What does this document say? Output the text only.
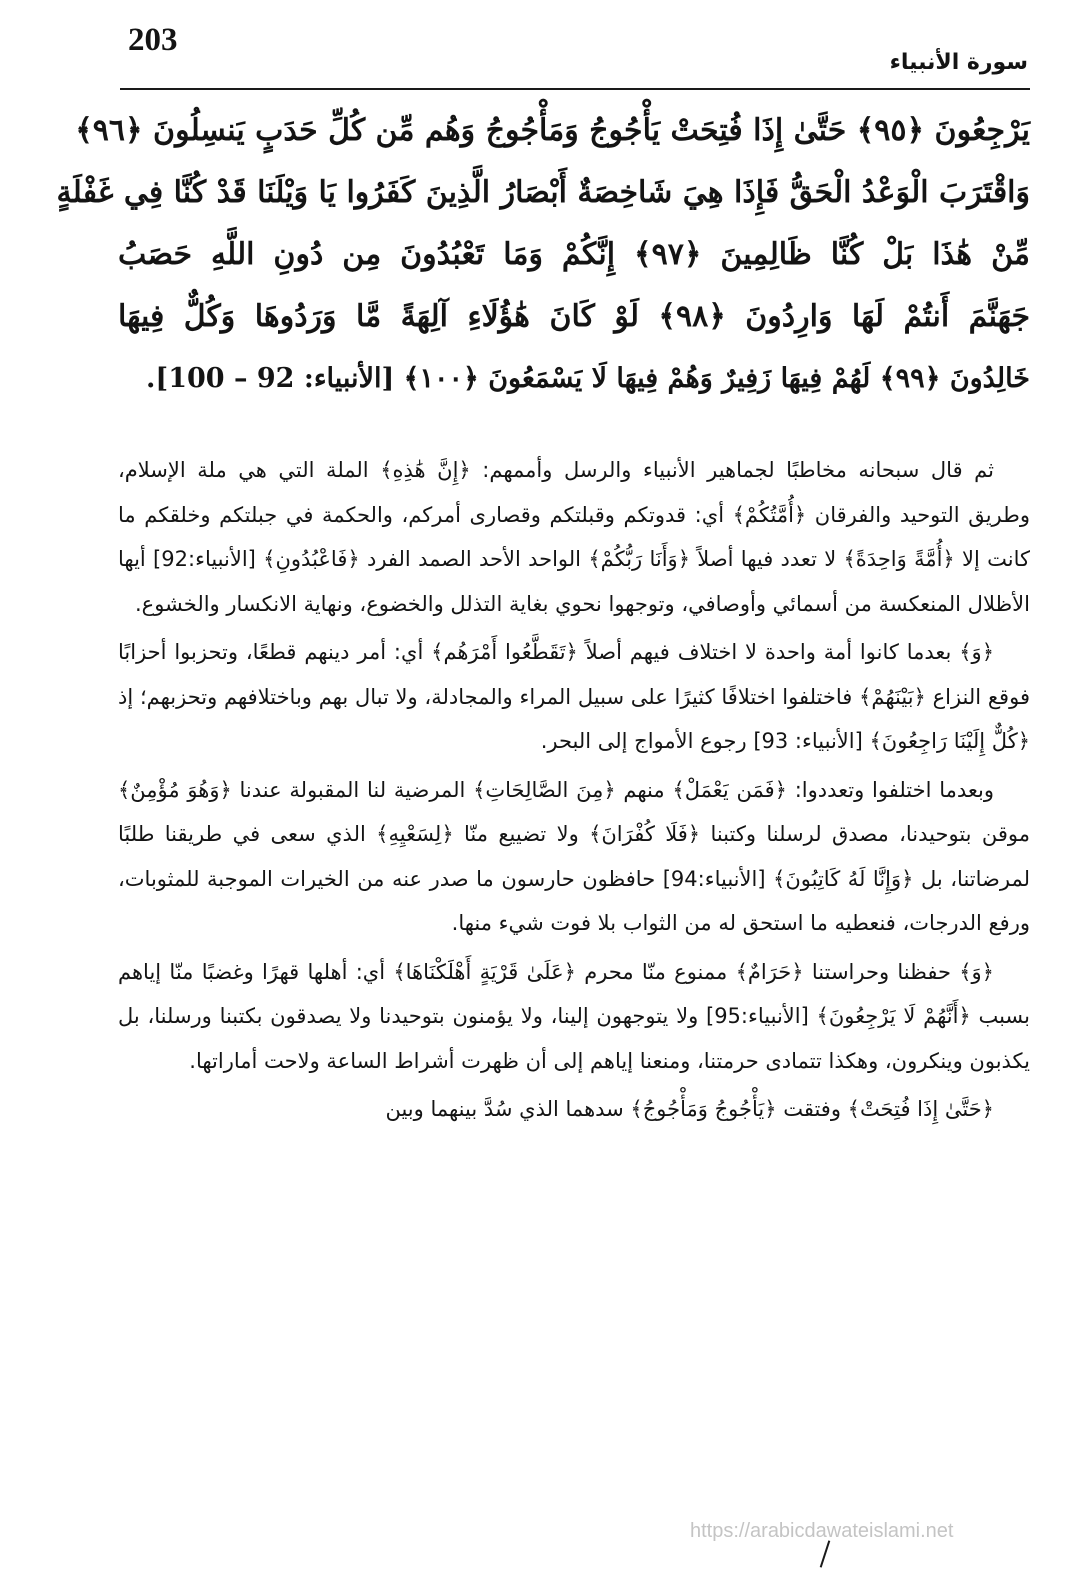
203
سورة الأنبياء
يَرْجِعُونَ ﴿٩٥﴾ حَتَّىٰ إِذَا فُتِحَتْ يَأْجُوجُ وَمَأْجُوجُ وَهُم مِّن كُلِّ حَدَبٍ يَنسِلُونَ ﴿٩٦﴾
وَاقْتَرَبَ الْوَعْدُ الْحَقُّ فَإِذَا هِيَ شَاخِصَةٌ أَبْصَارُ الَّذِينَ كَفَرُوا يَا وَيْلَنَا قَدْ كُنَّا فِي غَفْلَةٍ
مِّنْ هَٰذَا بَلْ كُنَّا ظَالِمِينَ ﴿٩٧﴾ إِنَّكُمْ وَمَا تَعْبُدُونَ مِن دُونِ اللَّهِ حَصَبُ
جَهَنَّمَ أَنتُمْ لَهَا وَارِدُونَ ﴿٩٨﴾ لَوْ كَانَ هَٰؤُلَاءِ آلِهَةً مَّا وَرَدُوهَا وَكُلٌّ فِيهَا
خَالِدُونَ ﴿٩٩﴾ لَهُمْ فِيهَا زَفِيرٌ وَهُمْ فِيهَا لَا يَسْمَعُونَ ﴿١٠٠﴾ [الأنبياء: 92 – 100].

ثم قال سبحانه مخاطبًا لجماهير الأنبياء والرسل وأممهم: ﴿إِنَّ هَٰذِهِ﴾ الملة التي هي ملة الإسلام، وطريق التوحيد والفرقان ﴿أُمَّتُكُمْ﴾ أي: قدوتكم وقبلتكم وقصارى أمركم، والحكمة في جبلتكم وخلقكم ما كانت إلا ﴿أُمَّةً وَاحِدَةً﴾ لا تعدد فيها أصلاً ﴿وَأَنَا رَبُّكُمْ﴾ الواحد الأحد الصمد الفرد ﴿فَاعْبُدُونِ﴾ [الأنبياء:92] أيها الأظلال المنعكسة من أسمائي وأوصافي، وتوجهوا نحوي بغاية التذلل والخضوع، ونهاية الانكسار والخشوع.

﴿وَ﴾ بعدما كانوا أمة واحدة لا اختلاف فيهم أصلاً ﴿تَقَطَّعُوا أَمْرَهُم﴾ أي: أمر دينهم قطعًا، وتحزبوا أحزابًا فوقع النزاع ﴿بَيْنَهُمْ﴾ فاختلفوا اختلافًا كثيرًا على سبيل المراء والمجادلة، ولا تبال بهم وباختلافهم وتحزبهم؛ إذ ﴿كُلٌّ إِلَيْنَا رَاجِعُونَ﴾ [الأنبياء: 93] رجوع الأمواج إلى البحر.

وبعدما اختلفوا وتعددوا: ﴿فَمَن يَعْمَلْ﴾ منهم ﴿مِنَ الصَّالِحَاتِ﴾ المرضية لنا المقبولة عندنا ﴿وَهُوَ مُؤْمِنٌ﴾ موقن بتوحيدنا، مصدق لرسلنا وكتبنا ﴿فَلَا كُفْرَانَ﴾ ولا تضييع منّا ﴿لِسَعْيِهِ﴾ الذي سعى في طريقنا طلبًا لمرضاتنا، بل ﴿وَإِنَّا لَهُ كَاتِبُونَ﴾ [الأنبياء:94] حافظون حارسون ما صدر عنه من الخيرات الموجبة للمثوبات، ورفع الدرجات، فنعطيه ما استحق له من الثواب بلا فوت شيء منها.

﴿وَ﴾ حفظنا وحراستنا ﴿حَرَامٌ﴾ ممنوع منّا محرم ﴿عَلَىٰ قَرْيَةٍ أَهْلَكْنَاهَا﴾ أي: أهلها قهرًا وغضبًا منّا إياهم بسبب ﴿أَنَّهُمْ لَا يَرْجِعُونَ﴾ [الأنبياء:95] ولا يتوجهون إلينا، ولا يؤمنون بتوحيدنا ولا يصدقون بكتبنا ورسلنا، بل يكذبون وينكرون، وهكذا تتمادى حرمتنا، ومنعنا إياهم إلى أن ظهرت أشراط الساعة ولاحت أماراتها.

﴿حَتَّىٰ إِذَا فُتِحَتْ﴾ وفتقت ﴿يَأْجُوجُ وَمَأْجُوجُ﴾ سدهما الذي سُدَّ بينهما وبين

https://arabicdawateislami.net
